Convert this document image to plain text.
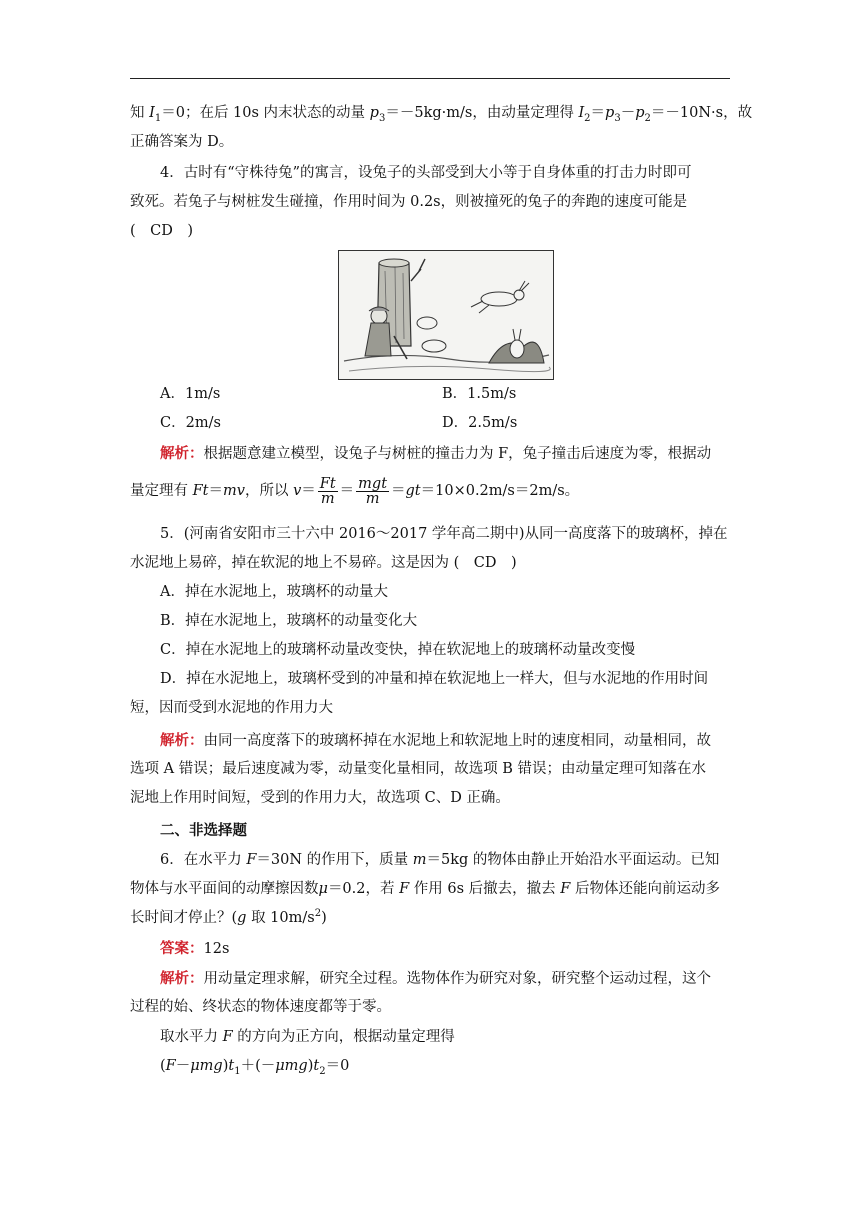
知 $I_1=0$；在后 10s 内末状态的动量 $p_3=-5kg\cdot m/s$，由动量定理得 $I_2=p_3-p_2=-10N\cdot s$，故
正确答案为 D。
4．古时有“守株待兔”的寓言，设兔子的头部受到大小等于自身体重的打击力时即可
致死。若兔子与树桩发生碰撞，作用时间为 0.2s，则被撞死的兔子的奔跑的速度可能是
(　CD　)
A．1m/s	B．1.5m/s
C．2m/s	D．2.5m/s
解析：根据题意建立模型，设兔子与树桩的撞击力为 F，兔子撞击后速度为零，根据动
量定理有 Ft＝mv，所以 $v= \frac{Ft}{m} = \frac{\text{mgt}}{m} =gt=10\times 0.2m/s=2m/s$。
5．(河南省安阳市三十六中 2016～2017 学年高二期中)从同一高度落下的玻璃杯，掉在
水泥地上易碎，掉在软泥的地上不易碎。这是因为 (　CD　)
A．掉在水泥地上，玻璃杯的动量大
B．掉在水泥地上，玻璃杯的动量变化大
C．掉在水泥地上的玻璃杯动量改变快，掉在软泥地上的玻璃杯动量改变慢
D．掉在水泥地上，玻璃杯受到的冲量和掉在软泥地上一样大，但与水泥地的作用时间
短，因而受到水泥地的作用力大
解析：由同一高度落下的玻璃杯掉在水泥地上和软泥地上时的速度相同，动量相同，故
选项 A 错误；最后速度减为零，动量变化量相同，故选项 B 错误；由动量定理可知落在水
泥地上作用时间短，受到的作用力大，故选项 C、D 正确。
二、非选择题
6．在水平力 F＝30N 的作用下，质量 m＝5kg 的物体由静止开始沿水平面运动。已知
物体与水平面间的动摩擦因数μ＝0.2，若 F 作用 6s 后撤去，撤去 F 后物体还能向前运动多
长时间才停止？(g 取 $10m/s^2$)
答案：12s
解析：用动量定理求解，研究全过程。选物体作为研究对象，研究整个运动过程，这个
过程的始、终状态的物体速度都等于零。
取水平力 F 的方向为正方向，根据动量定理得
$(F-\mu mg)t_1+(-\mu mg)t_2=0$
